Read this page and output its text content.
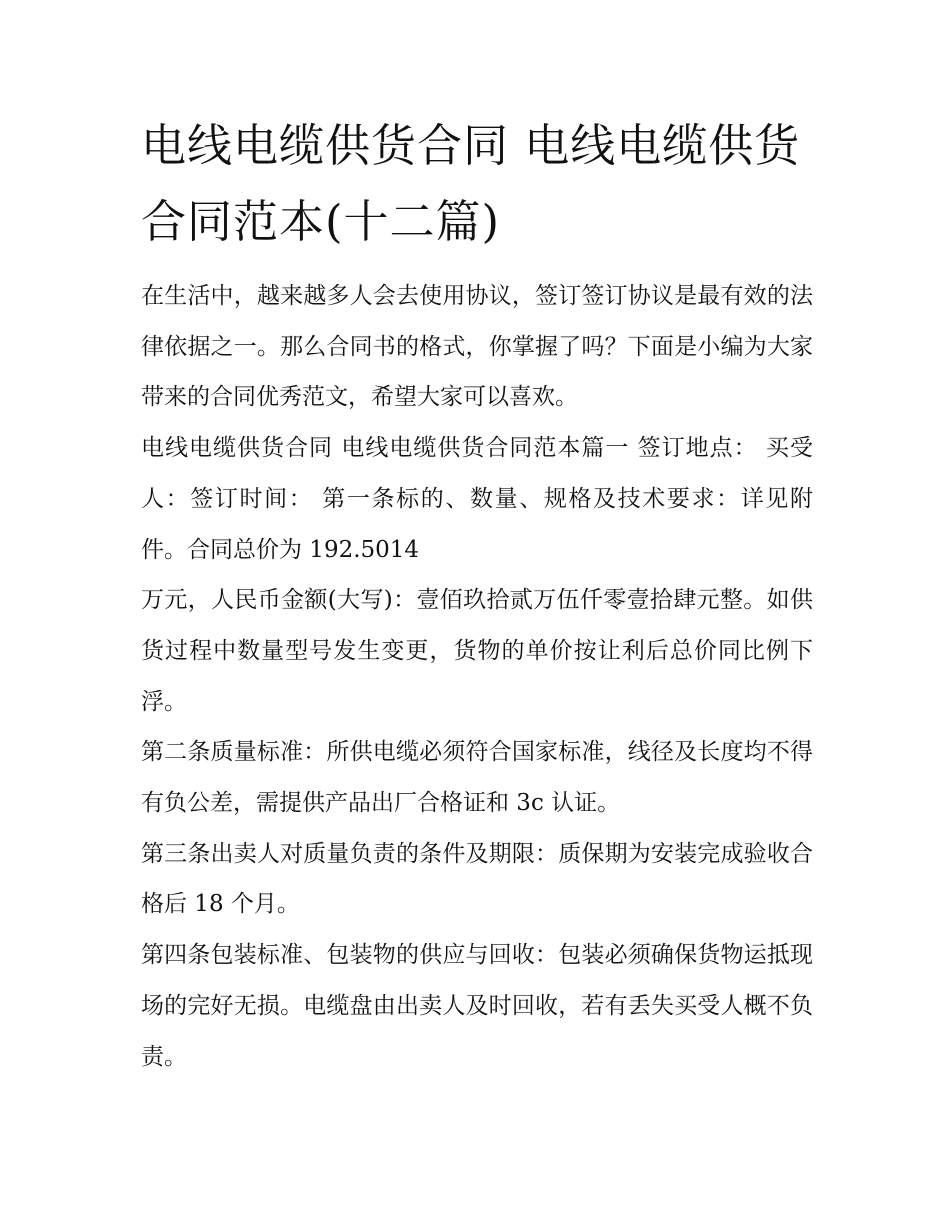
电线电缆供货合同 电线电缆供货合同范本(十二篇)

在生活中，越来越多人会去使用协议，签订签订协议是最有效的法律依据之一。那么合同书的格式，你掌握了吗？下面是小编为大家带来的合同优秀范文，希望大家可以喜欢。

电线电缆供货合同 电线电缆供货合同范本篇一 签订地点： 买受人：签订时间： 第一条标的、数量、规格及技术要求：详见附件。合同总价为 192.5014

万元，人民币金额(大写)：壹佰玖拾贰万伍仟零壹拾肆元整。如供货过程中数量型号发生变更，货物的单价按让利后总价同比例下浮。

第二条质量标准：所供电缆必须符合国家标准，线径及长度均不得有负公差，需提供产品出厂合格证和 3c 认证。

第三条出卖人对质量负责的条件及期限：质保期为安装完成验收合格后 18 个月。

第四条包装标准、包装物的供应与回收：包装必须确保货物运抵现场的完好无损。电缆盘由出卖人及时回收，若有丢失买受人概不负责。
